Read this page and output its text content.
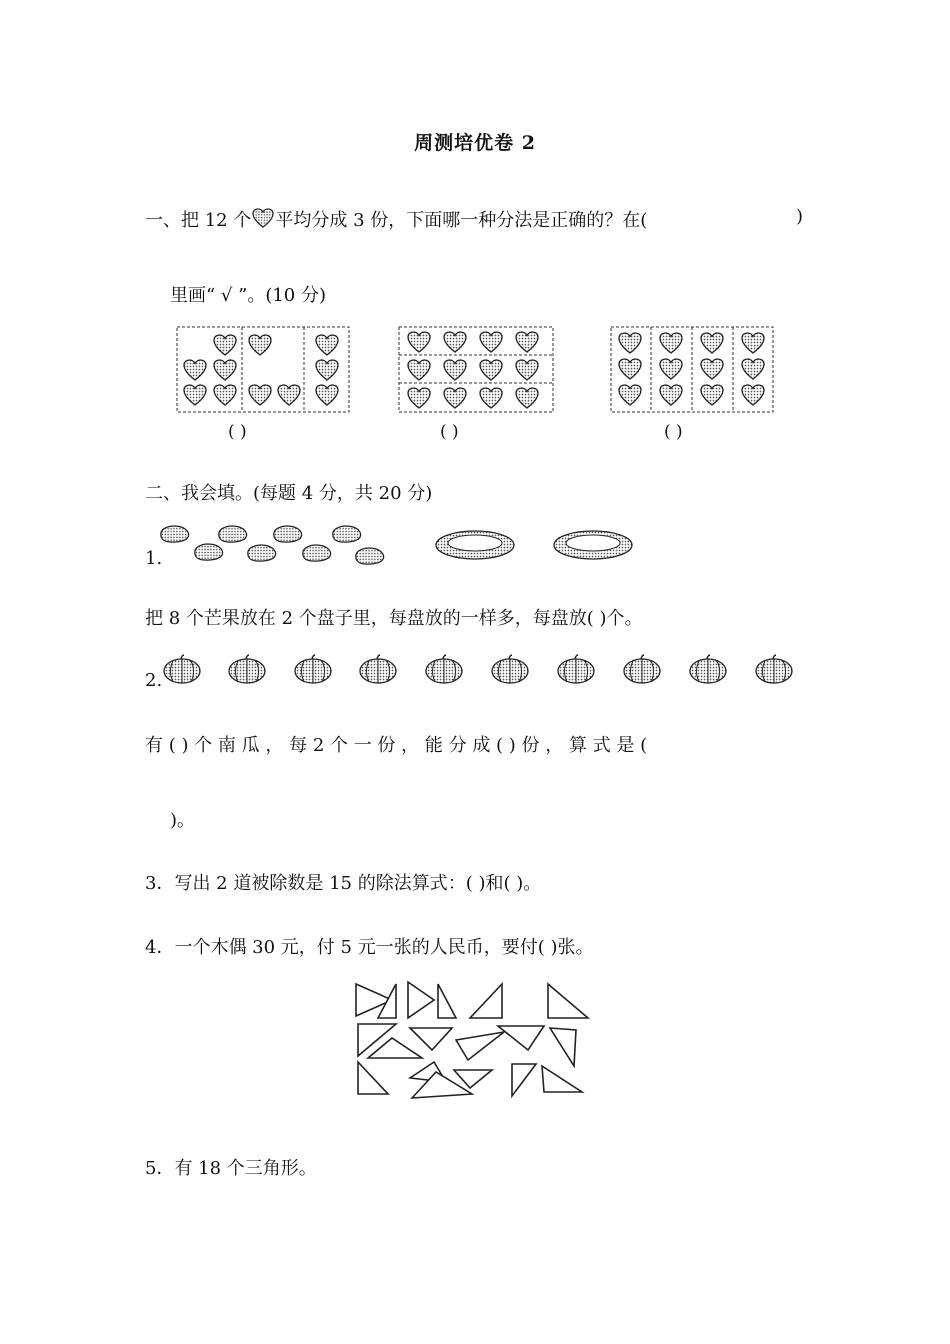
周测培优卷 2
一、把 12 个 平均分成 3 份，下面哪一种分法是正确的？在(	)
里画“ √ ”。(10 分)
( )	( )	( )
二、我会填。(每题 4 分，共 20 分)
1.
把 8 个芒果放在 2 个盘子里，每盘放的一样多，每盘放( )个。
2.
有 ( ) 个 南 瓜 ， 每 2 个 一 份 ， 能 分 成 ( ) 份 ， 算 式 是 (
)。
3．写出 2 道被除数是 15 的除法算式：( )和( )。
4．一个木偶 30 元，付 5 元一张的人民币，要付( )张。
5．有 18 个三角形。
